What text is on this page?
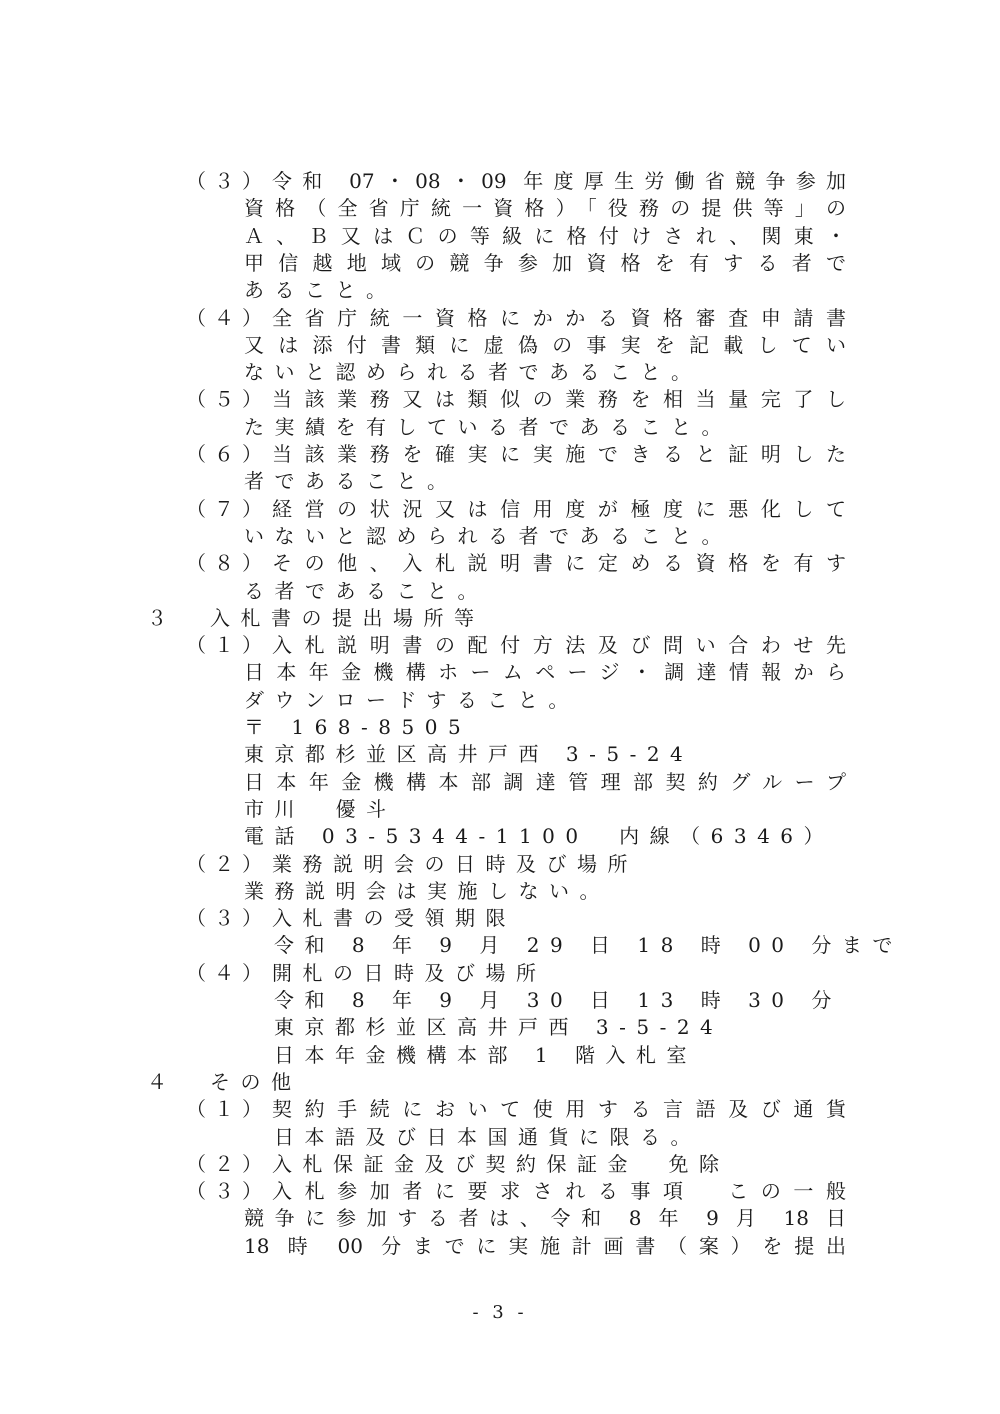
（３） 令和 07・08・09 年度厚生労働省競争参加
資格（全省庁統一資格）「役務の提供等」の
Ａ、Ｂ又はＣの等級に格付けされ、関東・
甲信越地域の競争参加資格を有する者で
あること。
（４） 全省庁統一資格にかかる資格審査申請書
又は添付書類に虚偽の事実を記載してい
ないと認められる者であること。
（５） 当該業務又は類似の業務を相当量完了し
た実績を有している者であること。
（６） 当該業務を確実に実施できると証明した
者であること。
（７） 経営の状況又は信用度が極度に悪化して
いないと認められる者であること。
（８） その他、入札説明書に定める資格を有す
る者であること。
３ 入札書の提出場所等
（１） 入札説明書の配付方法及び問い合わせ先
日本年金機構ホームページ・調達情報から
ダウンロードすること。
〒 168-8505
東京都杉並区高井戸西 3-5-24
日本年金機構本部調達管理部契約グループ
市川　優斗
電話 03-5344-1100　内線（6346）
（２） 業務説明会の日時及び場所
業務説明会は実施しない。
（３） 入札書の受領期限
令和 8 年 9 月 29 日 18 時 00 分まで
（４） 開札の日時及び場所
令和 8 年 9 月 30 日 13 時 30 分
東京都杉並区高井戸西 3-5-24
日本年金機構本部 1 階入札室
４ その他
（１） 契約手続において使用する言語及び通貨
日本語及び日本国通貨に限る。
（２） 入札保証金及び契約保証金　免除
（３） 入札参加者に要求される事項　この一般
競争に参加する者は、令和 8 年 9 月 18 日
18 時 00 分までに実施計画書（案）を提出
- 3 -
